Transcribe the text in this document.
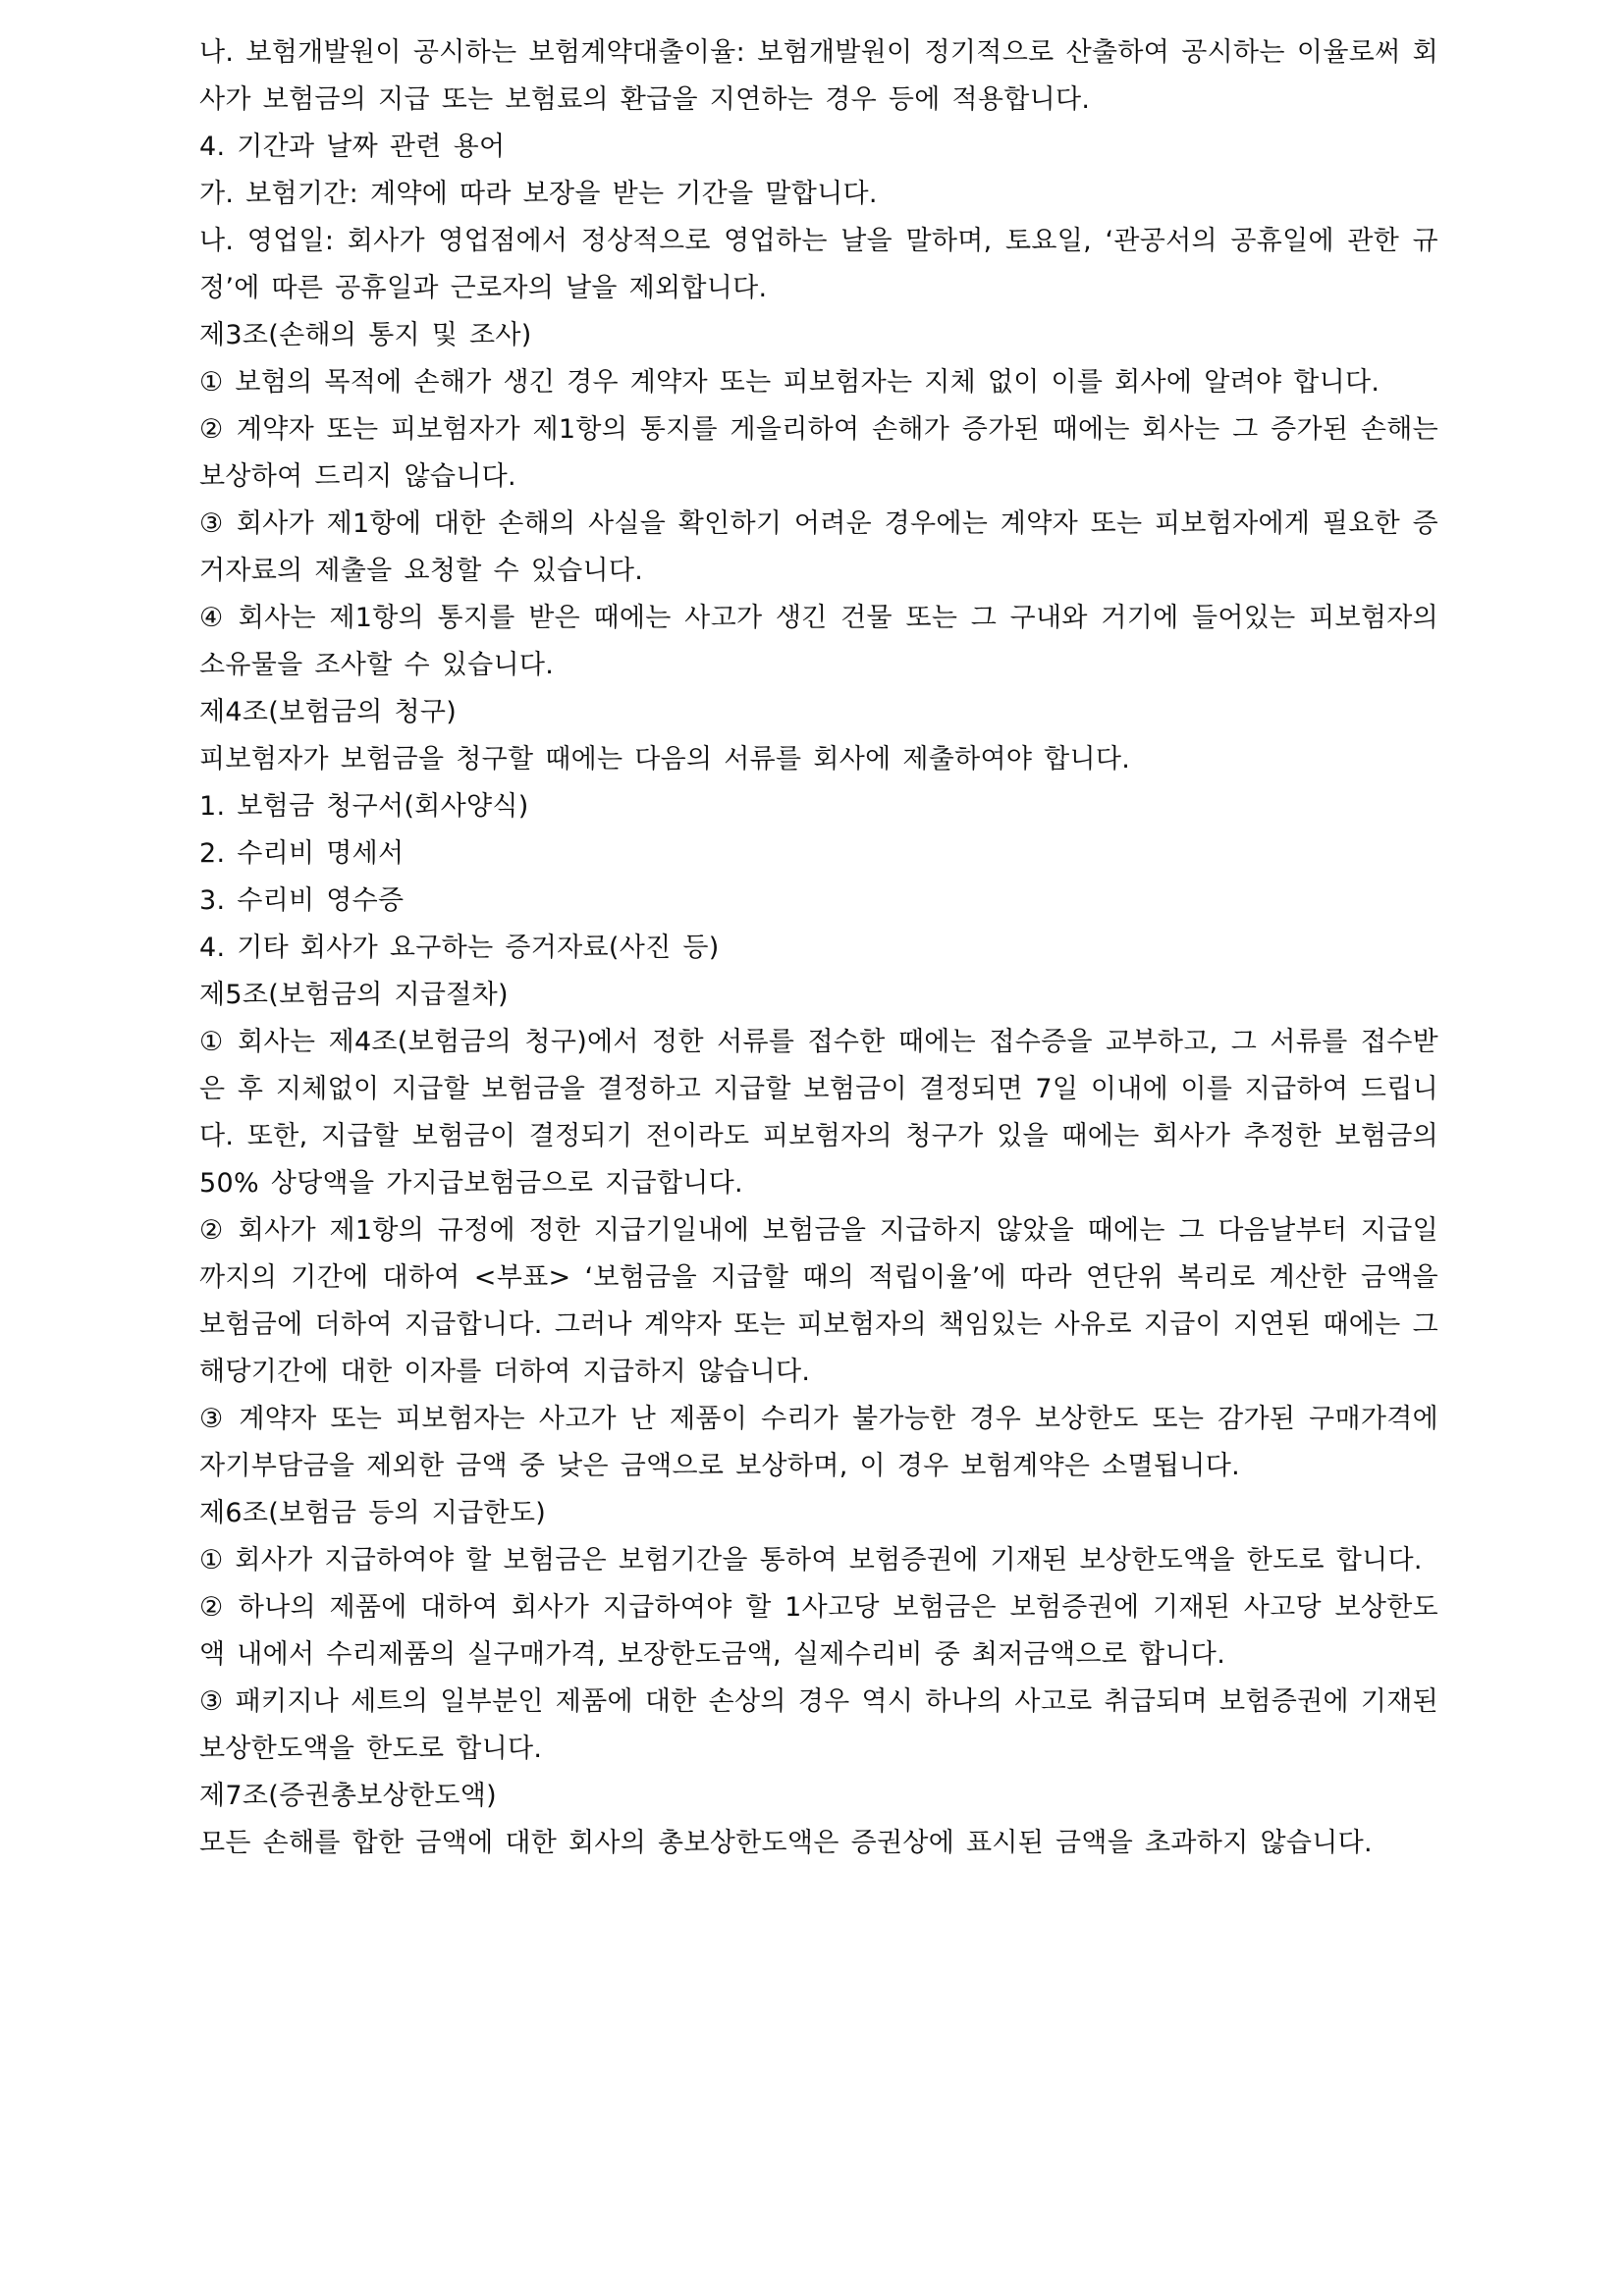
나. 보험개발원이 공시하는 보험계약대출이율: 보험개발원이 정기적으로 산출하여 공시하는 이율로써 회사가 보험금의 지급 또는 보험료의 환급을 지연하는 경우 등에 적용합니다.

4. 기간과 날짜 관련 용어

가. 보험기간: 계약에 따라 보장을 받는 기간을 말합니다.

나. 영업일: 회사가 영업점에서 정상적으로 영업하는 날을 말하며, 토요일, ‘관공서의 공휴일에 관한 규정’에 따른 공휴일과 근로자의 날을 제외합니다.

제3조(손해의 통지 및 조사)

① 보험의 목적에 손해가 생긴 경우 계약자 또는 피보험자는 지체 없이 이를 회사에 알려야 합니다.

② 계약자 또는 피보험자가 제1항의 통지를 게을리하여 손해가 증가된 때에는 회사는 그 증가된 손해는 보상하여 드리지 않습니다.

③ 회사가 제1항에 대한 손해의 사실을 확인하기 어려운 경우에는 계약자 또는 피보험자에게 필요한 증거자료의 제출을 요청할 수 있습니다.

④ 회사는 제1항의 통지를 받은 때에는 사고가 생긴 건물 또는 그 구내와 거기에 들어있는 피보험자의 소유물을 조사할 수 있습니다.

제4조(보험금의 청구)

피보험자가 보험금을 청구할 때에는 다음의 서류를 회사에 제출하여야 합니다.

1. 보험금 청구서(회사양식)

2. 수리비 명세서

3. 수리비 영수증

4. 기타 회사가 요구하는 증거자료(사진 등)

제5조(보험금의 지급절차)

① 회사는 제4조(보험금의 청구)에서 정한 서류를 접수한 때에는 접수증을 교부하고, 그 서류를 접수받은 후 지체없이 지급할 보험금을 결정하고 지급할 보험금이 결정되면 7일 이내에 이를 지급하여 드립니다. 또한, 지급할 보험금이 결정되기 전이라도 피보험자의 청구가 있을 때에는 회사가 추정한 보험금의 50% 상당액을 가지급보험금으로 지급합니다.

② 회사가 제1항의 규정에 정한 지급기일내에 보험금을 지급하지 않았을 때에는 그 다음날부터 지급일까지의 기간에 대하여 <부표> ‘보험금을 지급할 때의 적립이율’에 따라 연단위 복리로 계산한 금액을 보험금에 더하여 지급합니다. 그러나 계약자 또는 피보험자의 책임있는 사유로 지급이 지연된 때에는 그 해당기간에 대한 이자를 더하여 지급하지 않습니다.

③ 계약자 또는 피보험자는 사고가 난 제품이 수리가 불가능한 경우 보상한도 또는 감가된 구매가격에 자기부담금을 제외한 금액 중 낮은 금액으로 보상하며, 이 경우 보험계약은 소멸됩니다.

제6조(보험금 등의 지급한도)

① 회사가 지급하여야 할 보험금은 보험기간을 통하여 보험증권에 기재된 보상한도액을 한도로 합니다.

② 하나의 제품에 대하여 회사가 지급하여야 할 1사고당 보험금은 보험증권에 기재된 사고당 보상한도액 내에서 수리제품의 실구매가격, 보장한도금액, 실제수리비 중 최저금액으로 합니다.

③ 패키지나 세트의 일부분인 제품에 대한 손상의 경우 역시 하나의 사고로 취급되며 보험증권에 기재된 보상한도액을 한도로 합니다.

제7조(증권총보상한도액)

모든 손해를 합한 금액에 대한 회사의 총보상한도액은 증권상에 표시된 금액을 초과하지 않습니다.
